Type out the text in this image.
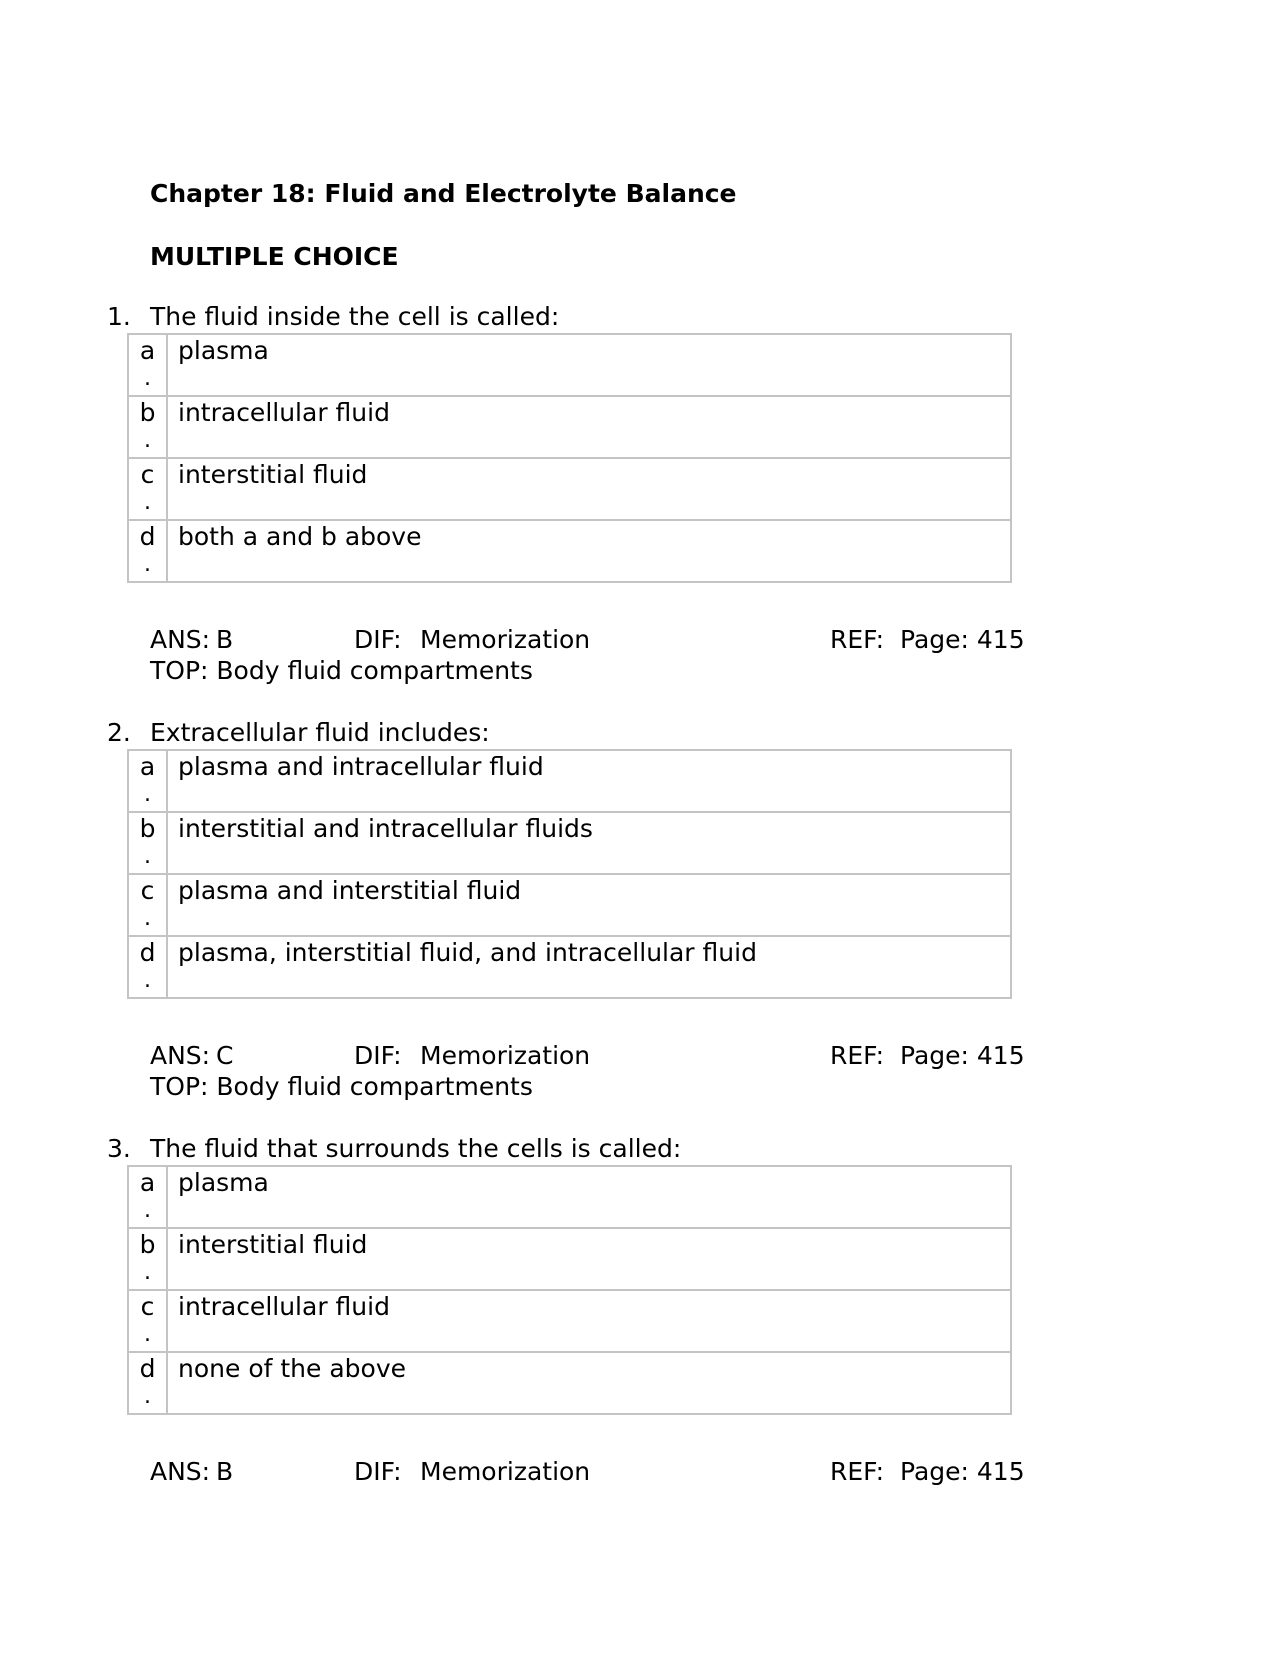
Chapter 18: Fluid and Electrolyte Balance
MULTIPLE CHOICE
1. The fluid inside the cell is called:
a
.	plasma
b
.	intracellular fluid
c
.	interstitial fluid
d
.	both a and b above
ANS: B	DIF: Memorization	REF: Page: 415
TOP: Body fluid compartments
2. Extracellular fluid includes:
a
.	plasma and intracellular fluid
b
.	interstitial and intracellular fluids
c
.	plasma and interstitial fluid
d
.	plasma, interstitial fluid, and intracellular fluid
ANS: C	DIF: Memorization	REF: Page: 415
TOP: Body fluid compartments
3. The fluid that surrounds the cells is called:
a
.	plasma
b
.	interstitial fluid
c
.	intracellular fluid
d
.	none of the above
ANS: B	DIF: Memorization	REF: Page: 415
